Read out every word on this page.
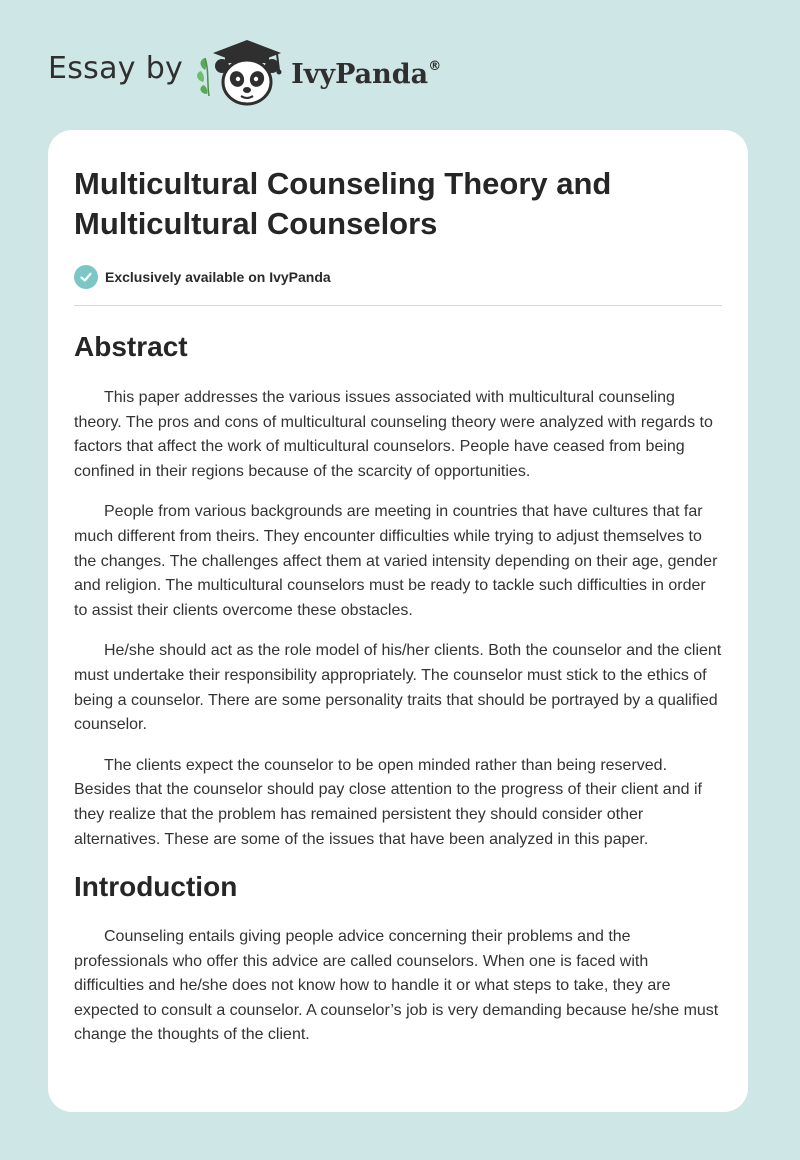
Essay by	IvyPanda®
Multicultural Counseling Theory and
Multicultural Counselors
Exclusively available on IvyPanda
Abstract

This paper addresses the various issues associated with multicultural counseling theory. The pros and cons of multicultural counseling theory were analyzed with regards to factors that affect the work of multicultural counselors. People have ceased from being confined in their regions because of the scarcity of opportunities.

People from various backgrounds are meeting in countries that have cultures that far much different from theirs. They encounter difficulties while trying to adjust themselves to the changes. The challenges affect them at varied intensity depending on their age, gender and religion. The multicultural counselors must be ready to tackle such difficulties in order to assist their clients overcome these obstacles.

He/she should act as the role model of his/her clients. Both the counselor and the client must undertake their responsibility appropriately. The counselor must stick to the ethics of being a counselor. There are some personality traits that should be portrayed by a qualified counselor.

The clients expect the counselor to be open minded rather than being reserved. Besides that the counselor should pay close attention to the progress of their client and if they realize that the problem has remained persistent they should consider other alternatives. These are some of the issues that have been analyzed in this paper.

Introduction

Counseling entails giving people advice concerning their problems and the professionals who offer this advice are called counselors. When one is faced with difficulties and he/she does not know how to handle it or what steps to take, they are expected to consult a counselor. A counselor’s job is very demanding because he/she must change the thoughts of the client.
